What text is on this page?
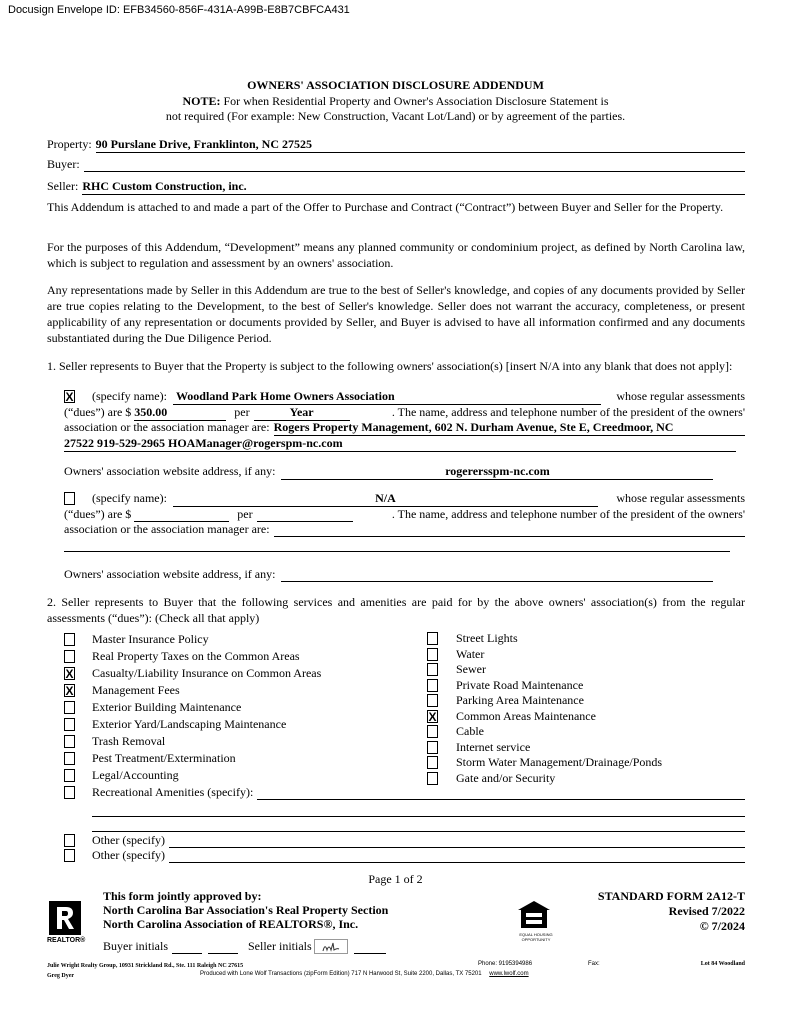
Docusign Envelope ID: EFB34560-856F-431A-A99B-E8B7CBFCA431
OWNERS' ASSOCIATION DISCLOSURE ADDENDUM
NOTE: For when Residential Property and Owner's Association Disclosure Statement is
not required (For example: New Construction, Vacant Lot/Land) or by agreement of the parties.
Property: 90 Purslane Drive, Franklinton, NC 27525
Buyer:
Seller: RHC Custom Construction, inc.
This Addendum is attached to and made a part of the Offer to Purchase and Contract (“Contract”) between Buyer and Seller for the Property.
For the purposes of this Addendum, “Development” means any planned community or condominium project, as defined by North Carolina law, which is subject to regulation and assessment by an owners' association.
Any representations made by Seller in this Addendum are true to the best of Seller's knowledge, and copies of any documents provided by Seller are true copies relating to the Development, to the best of Seller's knowledge. Seller does not warrant the accuracy, completeness, or present applicability of any representation or documents provided by Seller, and Buyer is advised to have all information confirmed and any documents substantiated during the Due Diligence Period.
1. Seller represents to Buyer that the Property is subject to the following owners' association(s) [insert N/A into any blank that does not apply]:
X (specify name): Woodland Park Home Owners Association	whose regular assessments
(“dues”) are $ 350.00	per	Year	. The name, address and telephone number of the president of the owners'
association or the association manager are: Rogers Property Management, 602 N. Durham Avenue, Ste E, Creedmoor, NC
27522 919-529-2965 HOAManager@rogerspm-nc.com
Owners' association website address, if any:	rogerersspm-nc.com
(specify name):	N/A	whose regular assessments
(“dues”) are $	per	. The name, address and telephone number of the president of the owners'
association or the association manager are:
Owners' association website address, if any:
2. Seller represents to Buyer that the following services and amenities are paid for by the above owners' association(s) from the regular assessments (“dues”): (Check all that apply)
Master Insurance Policy
Real Property Taxes on the Common Areas
X Casualty/Liability Insurance on Common Areas
X Management Fees
Exterior Building Maintenance
Exterior Yard/Landscaping Maintenance
Trash Removal
Pest Treatment/Extermination
Legal/Accounting
Street Lights
Water
Sewer
Private Road Maintenance
Parking Area Maintenance
X Common Areas Maintenance
Cable
Internet service
Storm Water Management/Drainage/Ponds
Gate and/or Security
Recreational Amenities (specify):
Other (specify)
Other (specify)
Page 1 of 2
REALTOR®
This form jointly approved by:
North Carolina Bar Association's Real Property Section
North Carolina Association of REALTORS®, Inc.
EQUAL HOUSING OPPORTUNITY
STANDARD FORM 2A12-T
Revised 7/2022
© 7/2024
Buyer initials	Seller initials
Julie Wright Realty Group, 10931 Strickland Rd., Ste. 111 Raleigh NC 27615
Greg Dyer
Phone: 9195394986	Fax:	Lot 84 Woodland
Produced with Lone Wolf Transactions (zipForm Edition) 717 N Harwood St, Suite 2200, Dallas, TX 75201 www.lwolf.com
